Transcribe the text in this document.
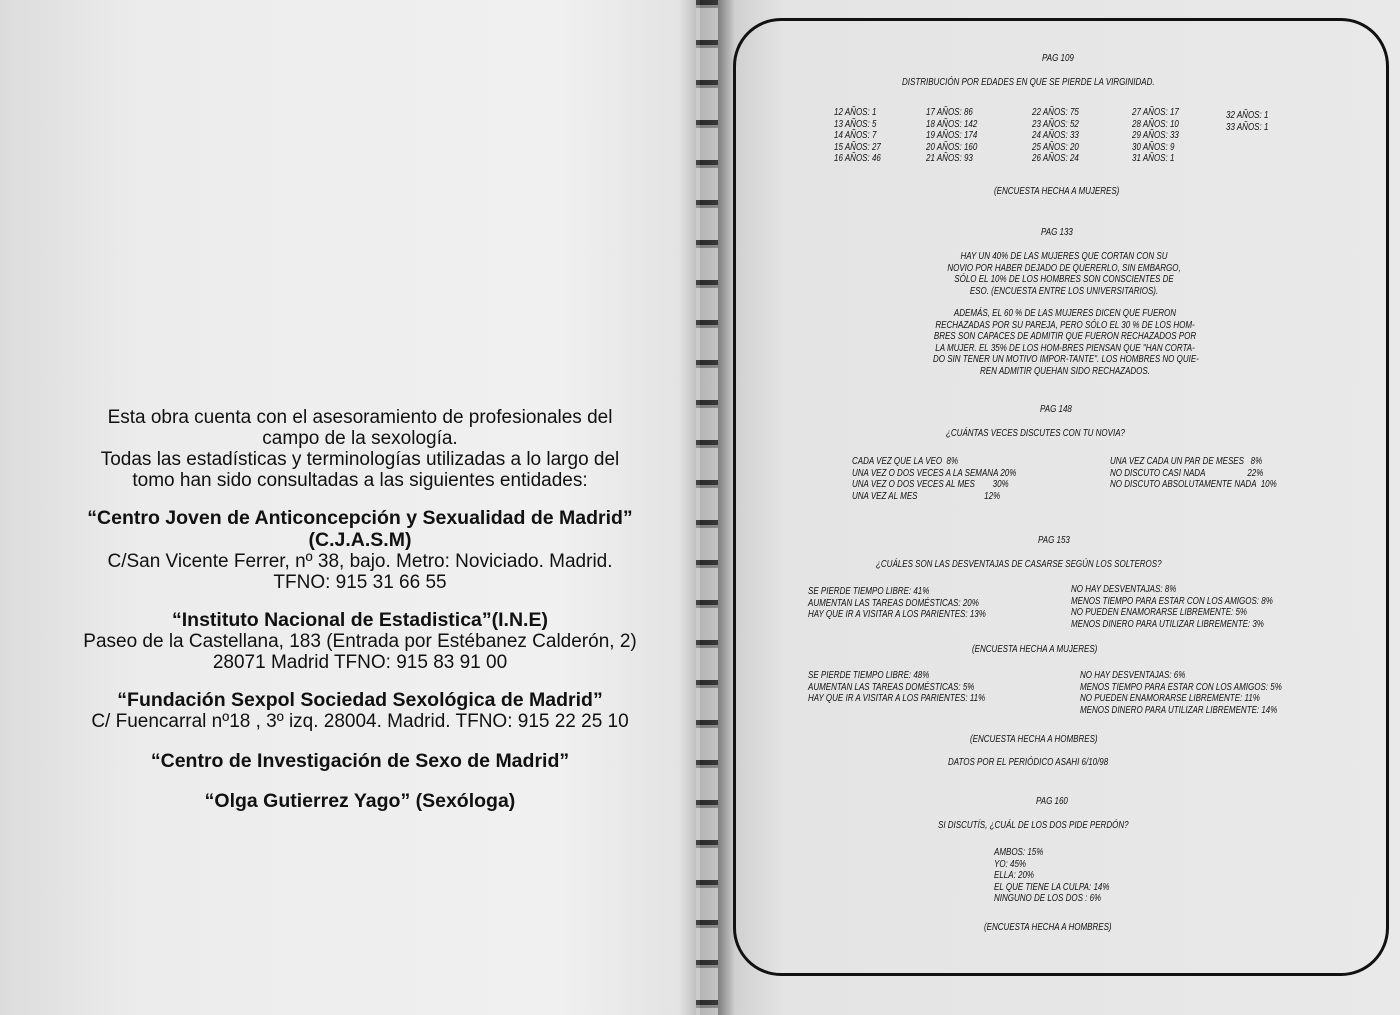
Esta obra cuenta con el asesoramiento de profesionales del

campo de la sexología.

Todas las estadísticas y terminologías utilizadas a lo largo del

tomo han sido consultadas a las siguientes entidades:

“Centro Joven de Anticoncepción y Sexualidad de Madrid”

(C.J.A.S.M)

C/San Vicente Ferrer, nº 38, bajo. Metro: Noviciado. Madrid.

TFNO: 915 31 66 55

“Instituto Nacional de Estadistica”(I.N.E)

Paseo de la Castellana, 183 (Entrada por Estébanez Calderón, 2)

28071 Madrid TFNO: 915 83 91 00

“Fundación Sexpol Sociedad Sexológica de Madrid”

C/ Fuencarral nº18 , 3º izq. 28004. Madrid. TFNO: 915 22 25 10

“Centro de Investigación de Sexo de Madrid”

“Olga Gutierrez Yago” (Sexóloga)

PAG 109

DISTRIBUCIÓN POR EDADES EN QUE SE PIERDE LA VIRGINIDAD.

12 AÑOS: 1

13 AÑOS: 5

14 AÑOS: 7

15 AÑOS: 27

16 AÑOS: 46

17 AÑOS: 86

18 AÑOS: 142

19 AÑOS: 174

20 AÑOS: 160

21 AÑOS: 93

22 AÑOS: 75

23 AÑOS: 52

24 AÑOS: 33

25 AÑOS: 20

26 AÑOS: 24

27 AÑOS: 17

28 AÑOS: 10

29 AÑOS: 33

30 AÑOS: 9

31 AÑOS: 1

32 AÑOS: 1

33 AÑOS: 1

(ENCUESTA HECHA A MUJERES)

PAG 133

HAY UN 40% DE LAS MUJERES QUE CORTAN CON SU

NOVIO POR HABER DEJADO DE QUERERLO, SIN EMBARGO,

SÓLO EL 10% DE LOS HOMBRES SON CONSCIENTES DE

ESO. (ENCUESTA ENTRE LOS UNIVERSITARIOS).

ADEMÁS, EL 60 % DE LAS MUJERES DICEN QUE FUERON

RECHAZADAS POR SU PAREJA, PERO SÓLO EL 30 % DE LOS HOM-

BRES SON CAPACES DE ADMITIR QUE FUERON RECHAZADOS POR

LA MUJER. EL 35% DE LOS HOM-BRES PIENSAN QUE "HAN CORTA-

DO SIN TENER UN MOTIVO IMPOR-TANTE". LOS HOMBRES NO QUIE-

REN ADMITIR QUEHAN SIDO RECHAZADOS.

PAG 148

¿CUÁNTAS VECES DISCUTES CON TU NOVIA?

CADA VEZ QUE LA VEO  8%

UNA VEZ O DOS VECES A LA SEMANA 20%

UNA VEZ O DOS VECES AL MES        30%

UNA VEZ AL MES                              12%

UNA VEZ CADA UN PAR DE MESES   8%

NO DISCUTO CASI NADA                   22%

NO DISCUTO ABSOLUTAMENTE NADA  10%

PAG 153

¿CUÁLES SON LAS DESVENTAJAS DE CASARSE SEGÚN LOS SOLTEROS?

SE PIERDE TIEMPO LIBRE: 41%

AUMENTAN LAS TAREAS DOMÉSTICAS: 20%

HAY QUE IR A VISITAR A LOS PARIENTES: 13%

NO HAY DESVENTAJAS: 8%

MENOS TIEMPO PARA ESTAR CON LOS AMIGOS: 8%

NO PUEDEN ENAMORARSE LIBREMENTE: 5%

MENOS DINERO PARA UTILIZAR LIBREMENTE: 3%

(ENCUESTA HECHA A MUJERES)

SE PIERDE TIEMPO LIBRE: 48%

AUMENTAN LAS TAREAS DOMÉSTICAS: 5%

HAY QUE IR A VISITAR A LOS PARIENTES: 11%

NO HAY DESVENTAJAS: 6%

MENOS TIEMPO PARA ESTAR CON LOS AMIGOS: 5%

NO PUEDEN ENAMORARSE LIBREMENTE: 11%

MENOS DINERO PARA UTILIZAR LIBREMENTE: 14%

(ENCUESTA HECHA A HOMBRES)

DATOS POR EL PERIÓDICO ASAHI 6/10/98

PAG 160

SI DISCUTÍS, ¿CUÁL DE LOS DOS PIDE PERDÓN?

AMBOS: 15%

YO: 45%

ELLA: 20%

EL QUE TIENE LA CULPA: 14%

NINGUNO DE LOS DOS : 6%

(ENCUESTA HECHA A HOMBRES)
